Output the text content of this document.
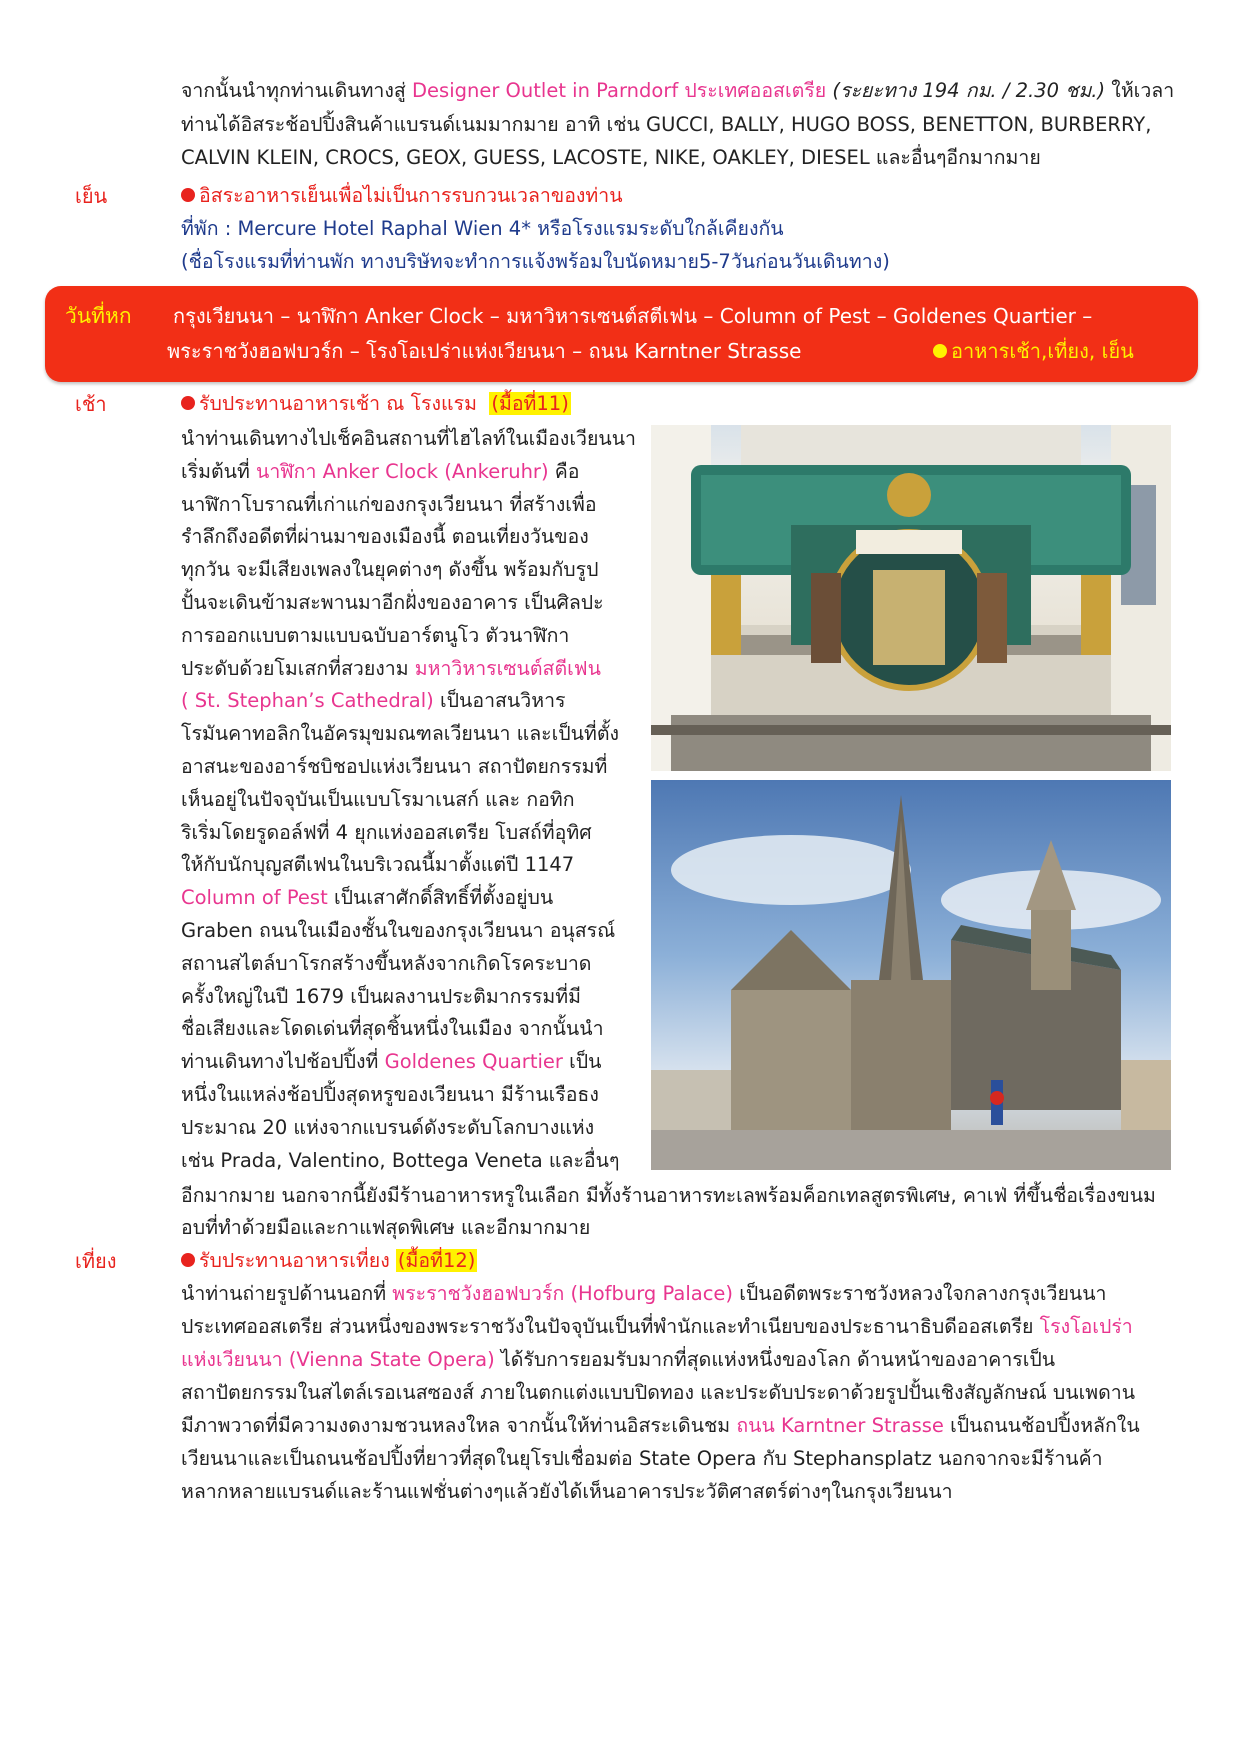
จากนั้นนำทุกท่านเดินทางสู่ Designer Outlet in Parndorf ประเทศออสเตรีย (ระยะทาง 194 กม. / 2.30 ชม.) ให้เวลา
ท่านได้อิสระช้อปปิ้งสินค้าแบรนด์เนมมากมาย อาทิ เช่น GUCCI, BALLY, HUGO BOSS, BENETTON, BURBERRY,
CALVIN KLEIN, CROCS, GEOX, GUESS, LACOSTE, NIKE, OAKLEY, DIESEL และอื่นๆอีกมากมาย
เย็น	อิสระอาหารเย็นเพื่อไม่เป็นการรบกวนเวลาของท่าน
ที่พัก : Mercure Hotel Raphal Wien 4* หรือโรงแรมระดับใกล้เคียงกัน
(ชื่อโรงแรมที่ท่านพัก ทางบริษัทจะทำการแจ้งพร้อมใบนัดหมาย5-7วันก่อนวันเดินทาง)
วันที่หก กรุงเวียนนา – นาฬิกา Anker Clock – มหาวิหารเซนต์สตีเฟน – Column of Pest – Goldenes Quartier –
พระราชวังฮอฟบวร์ก – โรงโอเปร่าแห่งเวียนนา – ถนน Karntner Strasse	อาหารเช้า,เที่ยง, เย็น
เช้า	รับประทานอาหารเช้า ณ โรงแรม (มื้อที่11)
นำท่านเดินทางไปเช็คอินสถานที่ไฮไลท์ในเมืองเวียนนา
เริ่มต้นที่ นาฬิกา Anker Clock (Ankeruhr) คือ
นาฬิกาโบราณที่เก่าแก่ของกรุงเวียนนา ที่สร้างเพื่อ
รำลึกถึงอดีตที่ผ่านมาของเมืองนี้ ตอนเที่ยงวันของ
ทุกวัน จะมีเสียงเพลงในยุคต่างๆ ดังขึ้น พร้อมกับรูป
ปั้นจะเดินข้ามสะพานมาอีกฝั่งของอาคาร เป็นศิลปะ
การออกแบบตามแบบฉบับอาร์ตนูโว ตัวนาฬิกา
ประดับด้วยโมเสกที่สวยงาม มหาวิหารเซนต์สตีเฟน
( St. Stephan’s Cathedral) เป็นอาสนวิหาร
โรมันคาทอลิกในอัครมุขมณฑลเวียนนา และเป็นที่ตั้ง
อาสนะของอาร์ชบิชอปแห่งเวียนนา สถาปัตยกรรมที่
เห็นอยู่ในปัจจุบันเป็นแบบโรมาเนสก์ และ กอทิก
ริเริ่มโดยรูดอล์ฟที่ 4 ยุกแห่งออสเตรีย โบสถ์ที่อุทิศ
ให้กับนักบุญสตีเฟนในบริเวณนี้มาตั้งแต่ปี 1147
Column of Pest เป็นเสาศักดิ์สิทธิ์ที่ตั้งอยู่บน
Graben ถนนในเมืองชั้นในของกรุงเวียนนา อนุสรณ์
สถานสไตล์บาโรกสร้างขึ้นหลังจากเกิดโรคระบาด
ครั้งใหญ่ในปี 1679 เป็นผลงานประติมากรรมที่มี
ชื่อเสียงและโดดเด่นที่สุดชิ้นหนึ่งในเมือง จากนั้นนำ
ท่านเดินทางไปช้อปปิ้งที่ Goldenes Quartier เป็น
หนึ่งในแหล่งช้อปปิ้งสุดหรูของเวียนนา มีร้านเรือธง
ประมาณ 20 แห่งจากแบรนด์ดังระดับโลกบางแห่ง
เช่น Prada, Valentino, Bottega Veneta และอื่นๆ
อีกมากมาย นอกจากนี้ยังมีร้านอาหารหรูในเลือก มีทั้งร้านอาหารทะเลพร้อมค็อกเทลสูตรพิเศษ, คาเฟ่ ที่ขึ้นชื่อเรื่องขนม
อบที่ทำด้วยมือและกาแฟสุดพิเศษ และอีกมากมาย
เที่ยง	รับประทานอาหารเที่ยง (มื้อที่12)
นำท่านถ่ายรูปด้านนอกที่ พระราชวังฮอฟบวร์ก (Hofburg Palace) เป็นอดีตพระราชวังหลวงใจกลางกรุงเวียนนา
ประเทศออสเตรีย ส่วนหนึ่งของพระราชวังในปัจจุบันเป็นที่พำนักและทำเนียบของประธานาธิบดีออสเตรีย โรงโอเปร่า
แห่งเวียนนา (Vienna State Opera) ได้รับการยอมรับมากที่สุดแห่งหนึ่งของโลก ด้านหน้าของอาคารเป็น
สถาปัตยกรรมในสไตล์เรอเนสซองส์ ภายในตกแต่งแบบปิดทอง และประดับประดาด้วยรูปปั้นเชิงสัญลักษณ์ บนเพดาน
มีภาพวาดที่มีความงดงามชวนหลงใหล จากนั้นให้ท่านอิสระเดินชม ถนน Karntner Strasse เป็นถนนช้อปปิ้งหลักใน
เวียนนาและเป็นถนนช้อปปิ้งที่ยาวที่สุดในยุโรปเชื่อมต่อ State Opera กับ Stephansplatz นอกจากจะมีร้านค้า
หลากหลายแบรนด์และร้านแฟชั่นต่างๆแล้วยังได้เห็นอาคารประวัติศาสตร์ต่างๆในกรุงเวียนนา
